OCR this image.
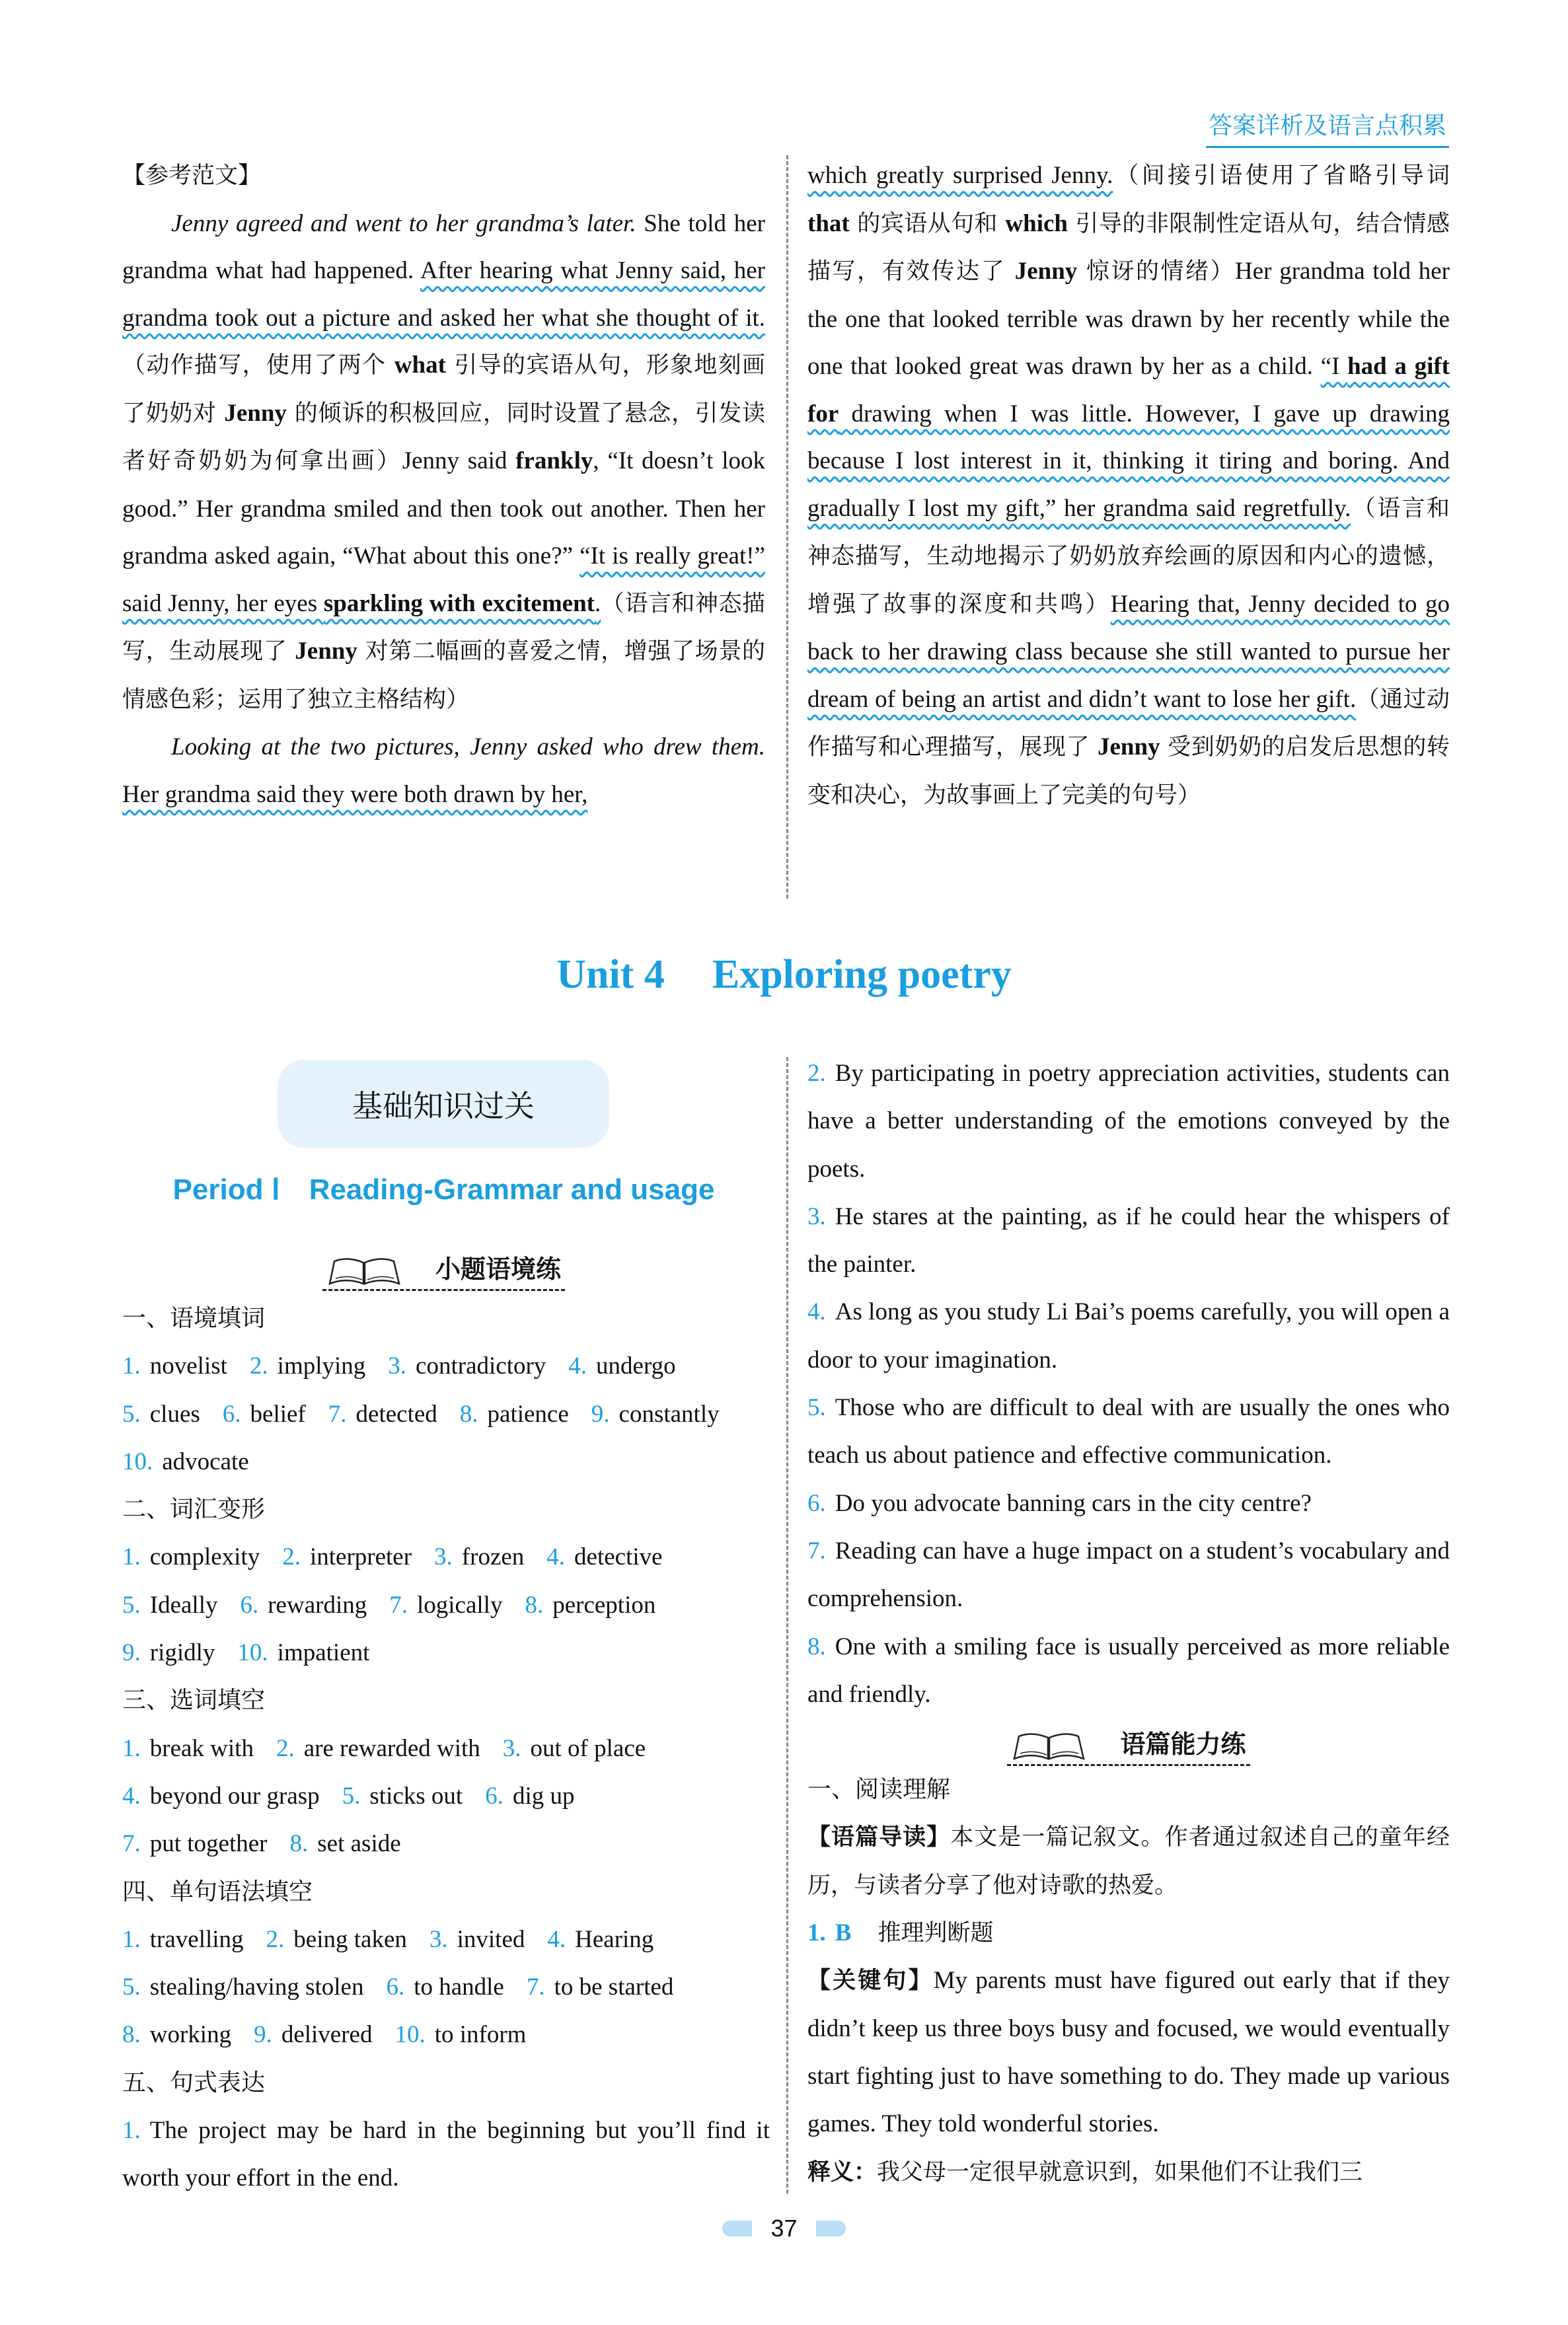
答案详析及语言点积累

【参考范文】

Jenny agreed and went to her grandma’s later. She told her grandma what had happened. After hearing what Jenny said, her grandma took out a picture and asked her what she thought of it.（动作描写，使用了两个 what 引导的宾语从句，形象地刻画了奶奶对 Jenny 的倾诉的积极回应，同时设置了悬念，引发读者好奇奶奶为何拿出画）Jenny said frankly, “It doesn’t look good.” Her grandma smiled and then took out another. Then her grandma asked again, “What about this one?” “It is really great!” said Jenny, her eyes sparkling with excitement.（语言和神态描写，生动展现了 Jenny 对第二幅画的喜爱之情，增强了场景的情感色彩；运用了独立主格结构）

Looking at the two pictures, Jenny asked who drew them. Her grandma said they were both drawn by her,

which greatly surprised Jenny.（间接引语使用了省略引导词 that 的宾语从句和 which 引导的非限制性定语从句，结合情感描写，有效传达了 Jenny 惊讶的情绪）Her grandma told her the one that looked terrible was drawn by her recently while the one that looked great was drawn by her as a child. “I had a gift for drawing when I was little. However, I gave up drawing because I lost interest in it, thinking it tiring and boring. And gradually I lost my gift,” her grandma said regretfully.（语言和神态描写，生动地揭示了奶奶放弃绘画的原因和内心的遗憾，增强了故事的深度和共鸣）Hearing that, Jenny decided to go back to her drawing class because she still wanted to pursue her dream of being an artist and didn’t want to lose her gift.（通过动作描写和心理描写，展现了 Jenny 受到奶奶的启发后思想的转变和决心，为故事画上了完美的句号）

Unit 4 Exploring poetry
基础知识过关
Period Ⅰ Reading-Grammar and usage
小题语境练
一、语境填词
1. novelist 2. implying 3. contradictory 4. undergo
5. clues 6. belief 7. detected 8. patience 9. constantly
10. advocate
二、词汇变形
1. complexity 2. interpreter 3. frozen 4. detective
5. Ideally 6. rewarding 7. logically 8. perception
9. rigidly 10. impatient
三、选词填空
1. break with 2. are rewarded with 3. out of place
4. beyond our grasp 5. sticks out 6. dig up
7. put together 8. set aside
四、单句语法填空
1. travelling 2. being taken 3. invited 4. Hearing
5. stealing/having stolen 6. to handle 7. to be started
8. working 9. delivered 10. to inform
五、句式表达

1. The project may be hard in the beginning but you’ll find it worth your effort in the end.

2. By participating in poetry appreciation activities, students can have a better understanding of the emotions conveyed by the poets.

3. He stares at the painting, as if he could hear the whispers of the painter.

4. As long as you study Li Bai’s poems carefully, you will open a door to your imagination.

5. Those who are difficult to deal with are usually the ones who teach us about patience and effective communication.

6. Do you advocate banning cars in the city centre?

7. Reading can have a huge impact on a student’s vocabulary and comprehension.

8. One with a smiling face is usually perceived as more reliable and friendly.

语篇能力练
一、阅读理解

【语篇导读】本文是一篇记叙文。作者通过叙述自己的童年经历，与读者分享了他对诗歌的热爱。

1. B 推理判断题

【关键句】My parents must have figured out early that if they didn’t keep us three boys busy and focused, we would eventually start fighting just to have something to do. They made up various games. They told wonderful stories.

释义：我父母一定很早就意识到，如果他们不让我们三

37
